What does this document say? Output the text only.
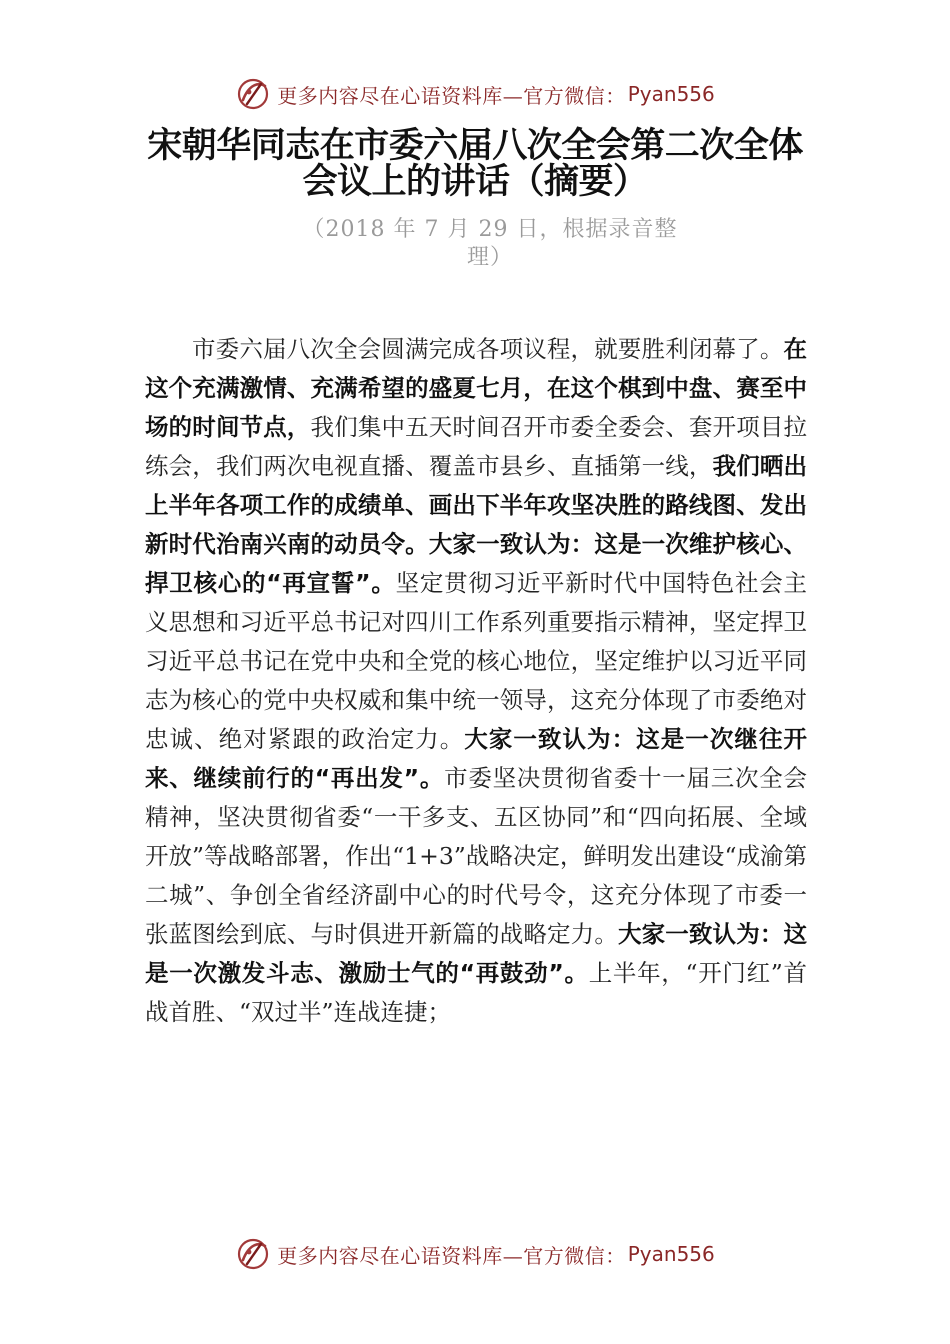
更多内容尽在心语资料库—官方微信： Pyan556
宋朝华同志在市委六届八次全会第二次全体会议上的讲话（摘要）
（2018 年 7 月 29 日，根据录音整理）

市委六届八次全会圆满完成各项议程，就要胜利闭幕了。在这个充满激情、充满希望的盛夏七月，在这个棋到中盘、赛至中场的时间节点，我们集中五天时间召开市委全委会、套开项目拉练会，我们两次电视直播、覆盖市县乡、直插第一线，我们晒出上半年各项工作的成绩单、画出下半年攻坚决胜的路线图、发出新时代治南兴南的动员令。大家一致认为：这是一次维护核心、捍卫核心的“再宣誓”。坚定贯彻习近平新时代中国特色社会主义思想和习近平总书记对四川工作系列重要指示精神，坚定捍卫习近平总书记在党中央和全党的核心地位，坚定维护以习近平同志为核心的党中央权威和集中统一领导，这充分体现了市委绝对忠诚、绝对紧跟的政治定力。大家一致认为：这是一次继往开来、继续前行的“再出发”。市委坚决贯彻省委十一届三次全会精神，坚决贯彻省委“一干多支、五区协同”和“四向拓展、全域开放”等战略部署，作出“1+3”战略决定，鲜明发出建设“成渝第二城”、争创全省经济副中心的时代号令，这充分体现了市委一张蓝图绘到底、与时俱进开新篇的战略定力。大家一致认为：这是一次激发斗志、激励士气的“再鼓劲”。上半年，“开门红”首战首胜、“双过半”连战连捷；

更多内容尽在心语资料库—官方微信： Pyan556
